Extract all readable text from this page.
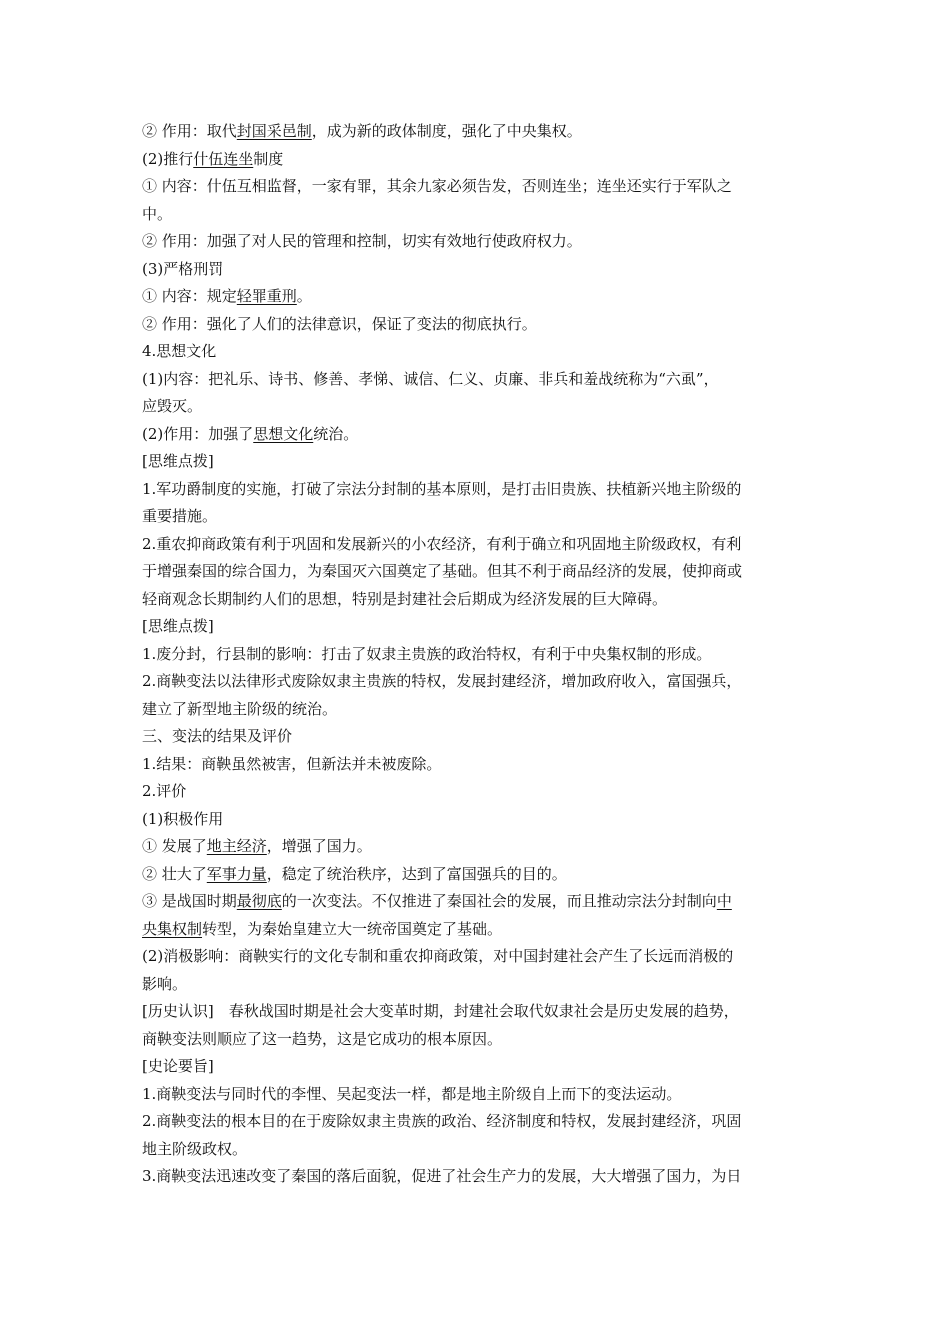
② 作用：取代封国采邑制，成为新的政体制度，强化了中央集权。
(2)推行什伍连坐制度
① 内容：什伍互相监督，一家有罪，其余九家必须告发，否则连坐；连坐还实行于军队之
中。
② 作用：加强了对人民的管理和控制，切实有效地行使政府权力。
(3)严格刑罚
① 内容：规定轻罪重刑。
② 作用：强化了人们的法律意识，保证了变法的彻底执行。
4.思想文化
(1)内容：把礼乐、诗书、修善、孝悌、诚信、仁义、贞廉、非兵和羞战统称为“六虱”，
应毁灭。
(2)作用：加强了思想文化统治。
[思维点拨]
1.军功爵制度的实施，打破了宗法分封制的基本原则，是打击旧贵族、扶植新兴地主阶级的
重要措施。
2.重农抑商政策有利于巩固和发展新兴的小农经济，有利于确立和巩固地主阶级政权，有利
于增强秦国的综合国力，为秦国灭六国奠定了基础。但其不利于商品经济的发展，使抑商或
轻商观念长期制约人们的思想，特别是封建社会后期成为经济发展的巨大障碍。
[思维点拨]
1.废分封，行县制的影响：打击了奴隶主贵族的政治特权，有利于中央集权制的形成。
2.商鞅变法以法律形式废除奴隶主贵族的特权，发展封建经济，增加政府收入，富国强兵，
建立了新型地主阶级的统治。
三、变法的结果及评价
1.结果：商鞅虽然被害，但新法并未被废除。
2.评价
(1)积极作用
① 发展了地主经济，增强了国力。
② 壮大了军事力量，稳定了统治秩序，达到了富国强兵的目的。
③ 是战国时期最彻底的一次变法。不仅推进了秦国社会的发展，而且推动宗法分封制向中
央集权制转型，为秦始皇建立大一统帝国奠定了基础。
(2)消极影响：商鞅实行的文化专制和重农抑商政策，对中国封建社会产生了长远而消极的
影响。
[历史认识]　春秋战国时期是社会大变革时期，封建社会取代奴隶社会是历史发展的趋势，
商鞅变法则顺应了这一趋势，这是它成功的根本原因。
[史论要旨]
1.商鞅变法与同时代的李悝、吴起变法一样，都是地主阶级自上而下的变法运动。
2.商鞅变法的根本目的在于废除奴隶主贵族的政治、经济制度和特权，发展封建经济，巩固
地主阶级政权。
3.商鞅变法迅速改变了秦国的落后面貌，促进了社会生产力的发展，大大增强了国力，为日
